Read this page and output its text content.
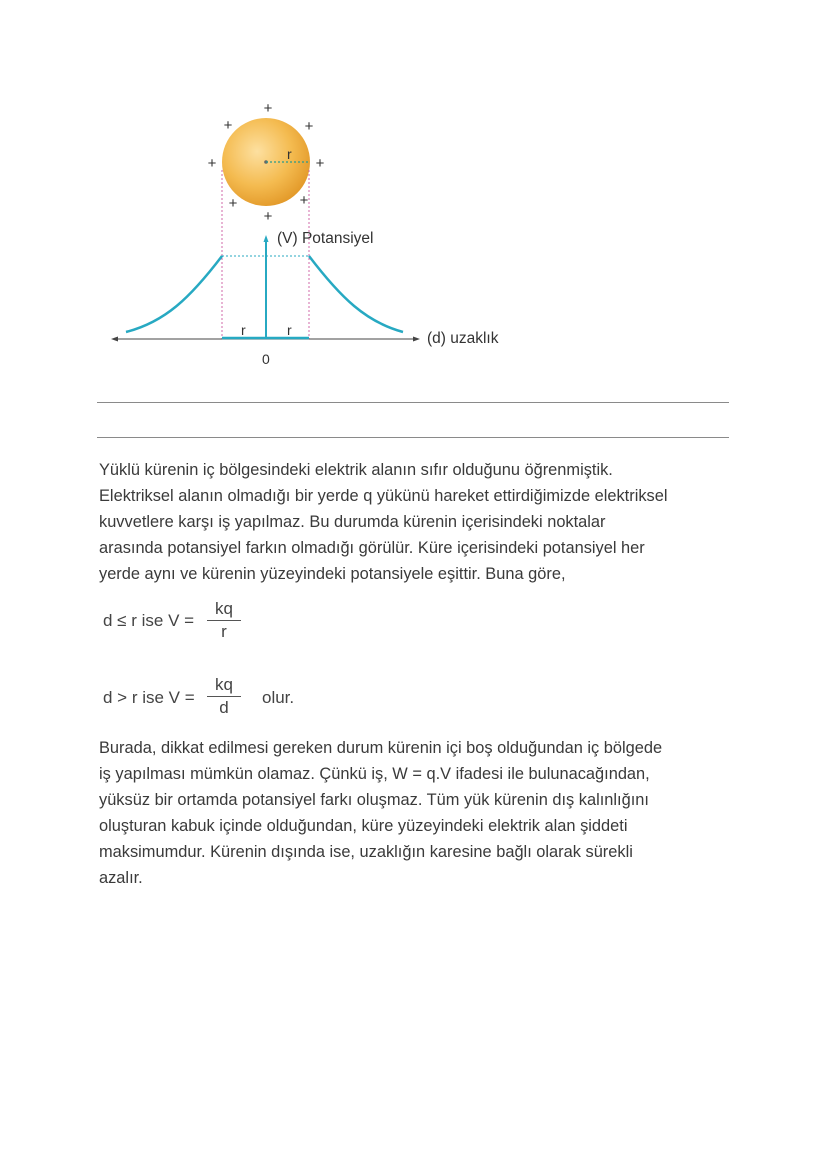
r
+
+	+
+	+
+	+
+
(V) Potansiyel
(d) uzaklık
0
r	r
Yüklü kürenin iç bölgesindeki elektrik alanın sıfır olduğunu öğrenmiştik.
Elektriksel alanın olmadığı bir yerde q yükünü hareket ettirdiğimizde elektriksel
kuvvetlere karşı iş yapılmaz. Bu durumda kürenin içerisindeki noktalar
arasında potansiyel farkın olmadığı görülür. Küre içerisindeki potansiyel her
yerde aynı ve kürenin yüzeyindeki potansiyele eşittir. Buna göre,
d ≤ r ise $V = \frac{kq}{r}$
d > r ise $V = \frac{kq}{d}$ olur.
Burada, dikkat edilmesi gereken durum kürenin içi boş olduğundan iç bölgede
iş yapılması mümkün olamaz. Çünkü iş, W = q.V ifadesi ile bulunacağından,
yüksüz bir ortamda potansiyel farkı oluşmaz. Tüm yük kürenin dış kalınlığını
oluşturan kabuk içinde olduğundan, küre yüzeyindeki elektrik alan şiddeti
maksimumdur. Kürenin dışında ise, uzaklığın karesine bağlı olarak sürekli
azalır.
